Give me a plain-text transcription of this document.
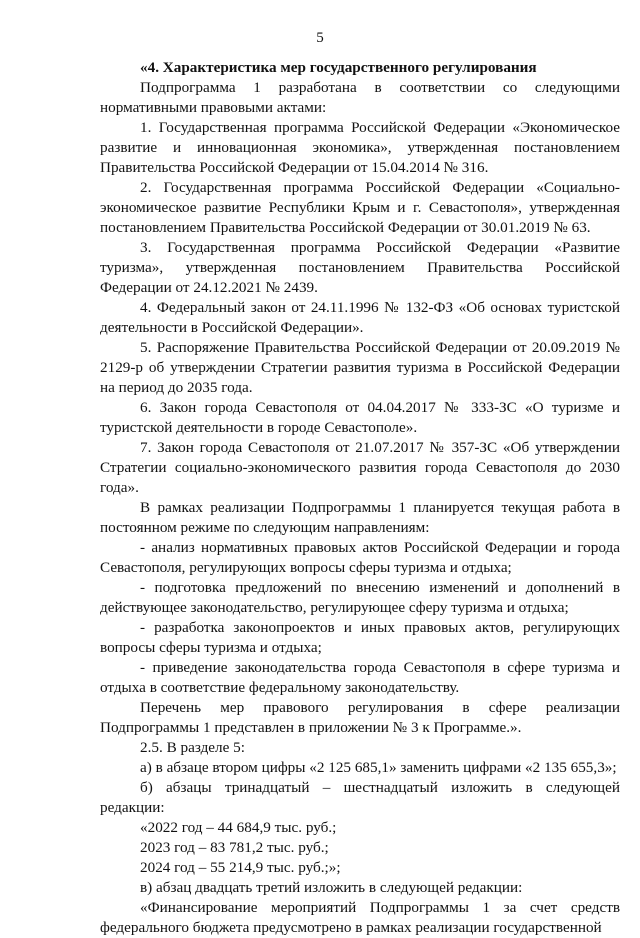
5

«4. Характеристика мер государственного регулирования

Подпрограмма 1 разработана в соответствии со следующими нормативными правовыми актами:

1. Государственная программа Российской Федерации «Экономическое развитие и инновационная экономика», утвержденная постановлением Правительства Российской Федерации от 15.04.2014 № 316.

2. Государственная программа Российской Федерации «Социально-экономическое развитие Республики Крым и г. Севастополя», утвержденная постановлением Правительства Российской Федерации от 30.01.2019 № 63.

3. Государственная программа Российской Федерации «Развитие туризма», утвержденная постановлением Правительства Российской Федерации от 24.12.2021 № 2439.

4. Федеральный закон от 24.11.1996 № 132-ФЗ «Об основах туристской деятельности в Российской Федерации».

5. Распоряжение Правительства Российской Федерации от 20.09.2019 № 2129-р об утверждении Стратегии развития туризма в Российской Федерации на период до 2035 года.

6. Закон города Севастополя от 04.04.2017 № 333-ЗС «О туризме и туристской деятельности в городе Севастополе».

7. Закон города Севастополя от 21.07.2017 № 357-ЗС «Об утверждении Стратегии социально-экономического развития города Севастополя до 2030 года».

В рамках реализации Подпрограммы 1 планируется текущая работа в постоянном режиме по следующим направлениям:

- анализ нормативных правовых актов Российской Федерации и города Севастополя, регулирующих вопросы сферы туризма и отдыха;

- подготовка предложений по внесению изменений и дополнений в действующее законодательство, регулирующее сферу туризма и отдыха;

- разработка законопроектов и иных правовых актов, регулирующих вопросы сферы туризма и отдыха;

- приведение законодательства города Севастополя в сфере туризма и отдыха в соответствие федеральному законодательству.

Перечень мер правового регулирования в сфере реализации Подпрограммы 1 представлен в приложении № 3 к Программе.».

2.5. В разделе 5:

а) в абзаце втором цифры «2 125 685,1» заменить цифрами «2 135 655,3»;

б) абзацы тринадцатый – шестнадцатый изложить в следующей редакции:

«2022 год – 44 684,9 тыс. руб.;

2023 год – 83 781,2 тыс. руб.;

2024 год – 55 214,9 тыс. руб.;»;

в) абзац двадцать третий изложить в следующей редакции:

«Финансирование мероприятий Подпрограммы 1 за счет средств федерального бюджета предусмотрено в рамках реализации государственной
